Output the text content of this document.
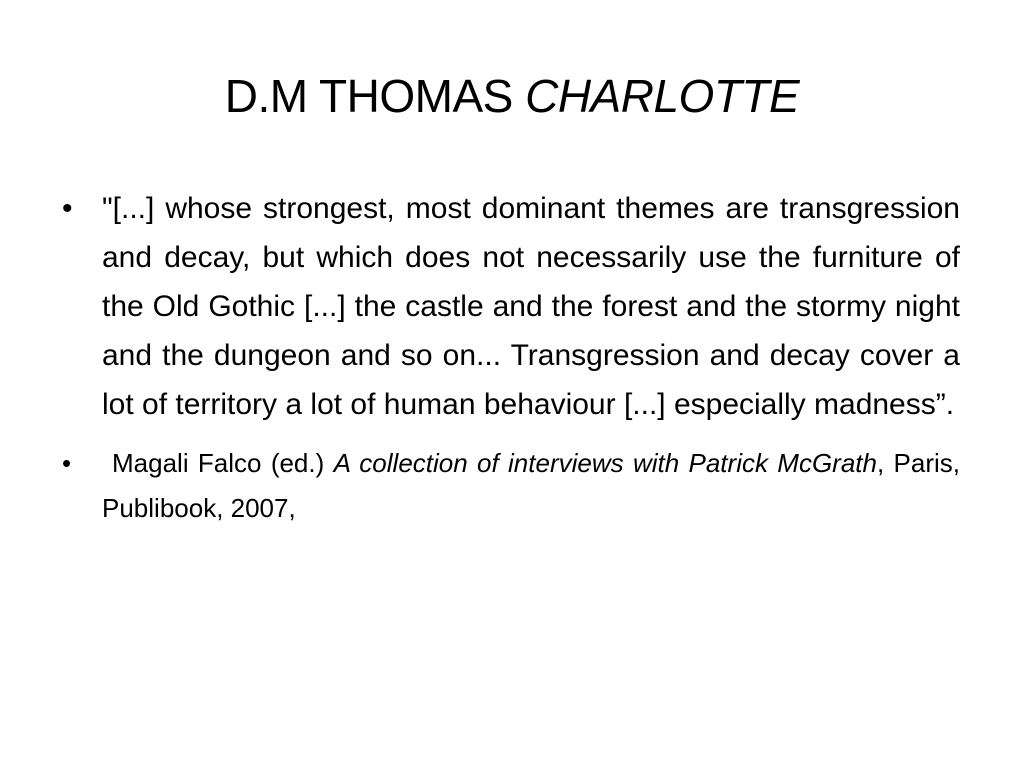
D.M THOMAS CHARLOTTE
• "[...] whose strongest, most dominant themes are transgression and decay, but which does not necessarily use the furniture of the Old Gothic [...] the castle and the forest and the stormy night and the dungeon and so on... Transgression and decay cover a lot of territory a lot of human behaviour [...] especially madness”.
• Magali Falco (ed.) A collection of interviews with Patrick McGrath, Paris, Publibook, 2007,
